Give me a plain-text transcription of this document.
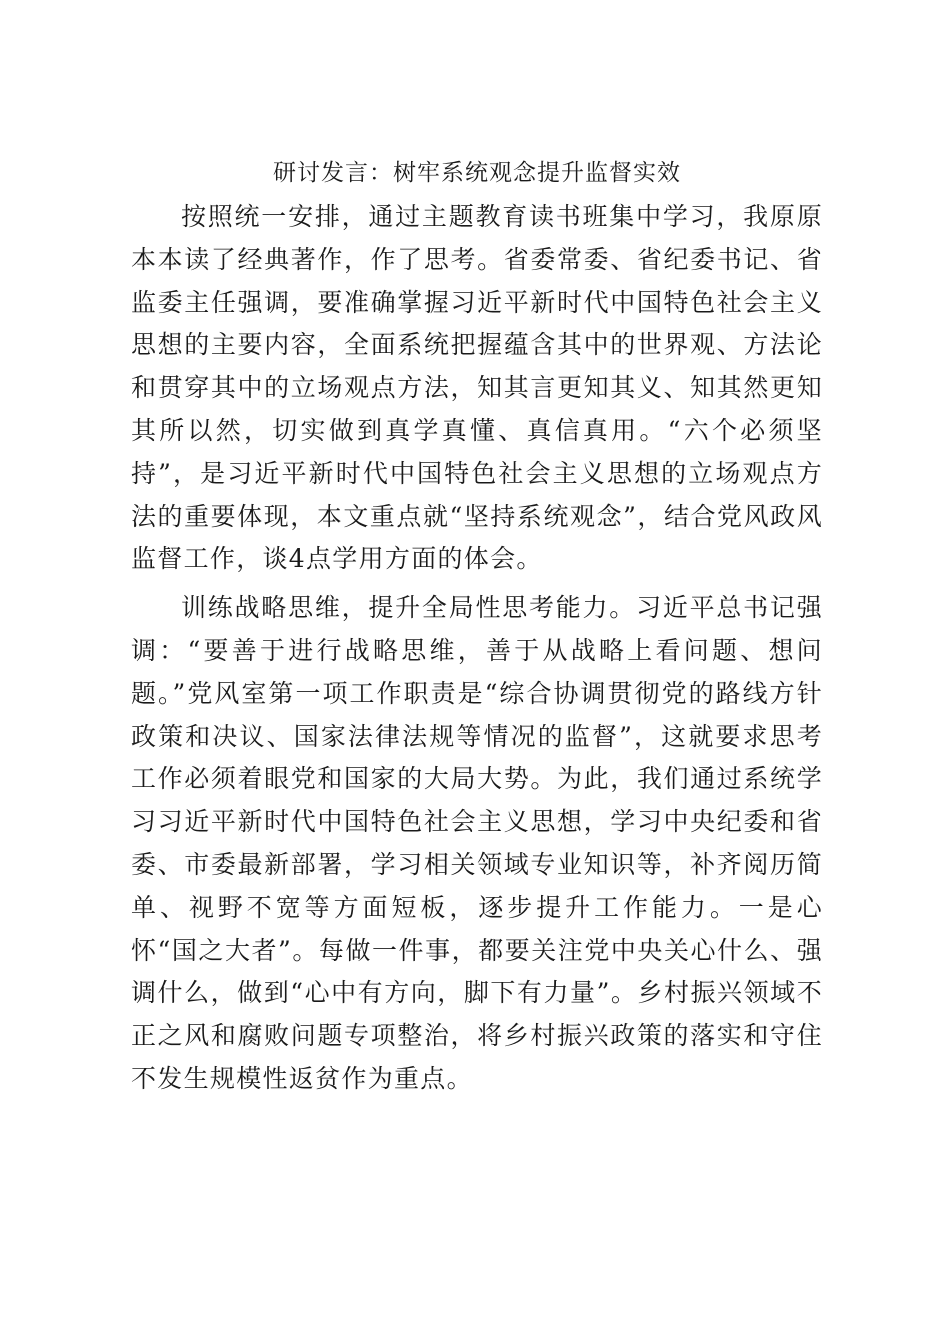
研讨发言：树牢系统观念提升监督实效

按照统一安排，通过主题教育读书班集中学习，我原原本本读了经典著作，作了思考。省委常委、省纪委书记、省监委主任强调，要准确掌握习近平新时代中国特色社会主义思想的主要内容，全面系统把握蕴含其中的世界观、方法论和贯穿其中的立场观点方法，知其言更知其义、知其然更知其所以然，切实做到真学真懂、真信真用。“六个必须坚持”，是习近平新时代中国特色社会主义思想的立场观点方法的重要体现，本文重点就“坚持系统观念”，结合党风政风监督工作，谈4点学用方面的体会。

训练战略思维，提升全局性思考能力。习近平总书记强调：“要善于进行战略思维，善于从战略上看问题、想问题。”党风室第一项工作职责是“综合协调贯彻党的路线方针政策和决议、国家法律法规等情况的监督”，这就要求思考工作必须着眼党和国家的大局大势。为此，我们通过系统学习习近平新时代中国特色社会主义思想，学习中央纪委和省委、市委最新部署，学习相关领域专业知识等，补齐阅历简单、视野不宽等方面短板，逐步提升工作能力。一是心怀“国之大者”。每做一件事，都要关注党中央关心什么、强调什么，做到“心中有方向，脚下有力量”。乡村振兴领域不正之风和腐败问题专项整治，将乡村振兴政策的落实和守住不发生规模性返贫作为重点。
